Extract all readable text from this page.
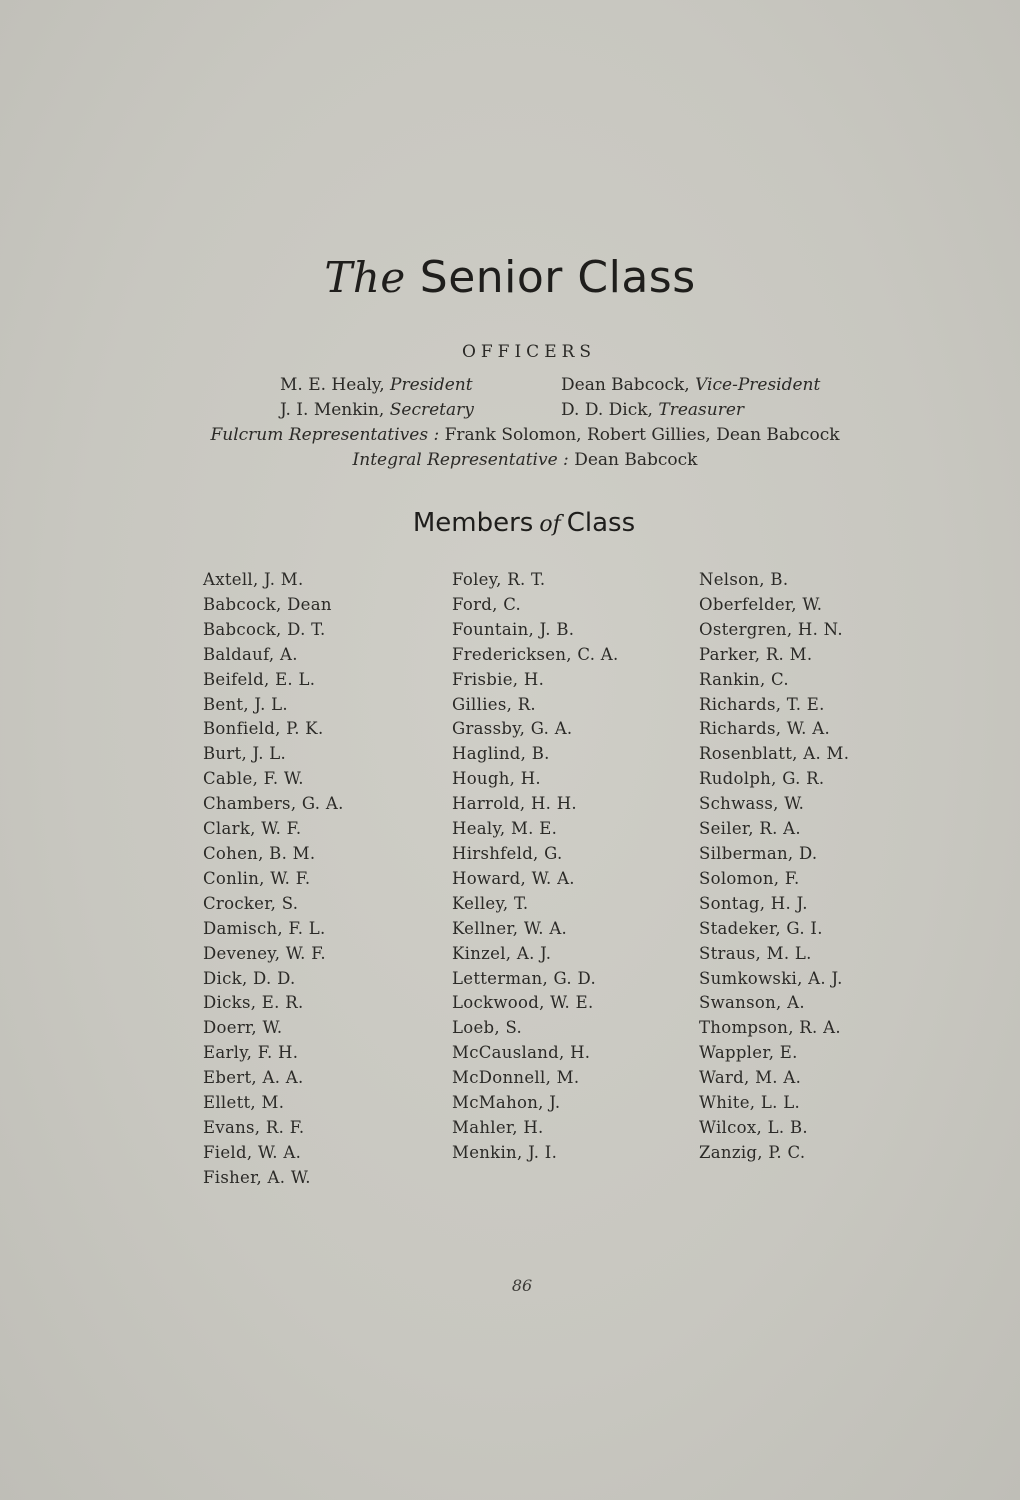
The Senior Class
OFFICERS
M. E. Healy, President	Dean Babcock, Vice-President
J. I. Menkin, Secretary	D. D. Dick, Treasurer
Fulcrum Representatives : Frank Solomon, Robert Gillies, Dean Babcock
Integral Representative : Dean Babcock
Members of Class
Axtell, J. M.
Babcock, Dean
Babcock, D. T.
Baldauf, A.
Beifeld, E. L.
Bent, J. L.
Bonfield, P. K.
Burt, J. L.
Cable, F. W.
Chambers, G. A.
Clark, W. F.
Cohen, B. M.
Conlin, W. F.
Crocker, S.
Damisch, F. L.
Deveney, W. F.
Dick, D. D.
Dicks, E. R.
Doerr, W.
Early, F. H.
Ebert, A. A.
Ellett, M.
Evans, R. F.
Field, W. A.
Fisher, A. W.
Foley, R. T.
Ford, C.
Fountain, J. B.
Fredericksen, C. A.
Frisbie, H.
Gillies, R.
Grassby, G. A.
Haglind, B.
Hough, H.
Harrold, H. H.
Healy, M. E.
Hirshfeld, G.
Howard, W. A.
Kelley, T.
Kellner, W. A.
Kinzel, A. J.
Letterman, G. D.
Lockwood, W. E.
Loeb, S.
McCausland, H.
McDonnell, M.
McMahon, J.
Mahler, H.
Menkin, J. I.
Nelson, B.
Oberfelder, W.
Ostergren, H. N.
Parker, R. M.
Rankin, C.
Richards, T. E.
Richards, W. A.
Rosenblatt, A. M.
Rudolph, G. R.
Schwass, W.
Seiler, R. A.
Silberman, D.
Solomon, F.
Sontag, H. J.
Stadeker, G. I.
Straus, M. L.
Sumkowski, A. J.
Swanson, A.
Thompson, R. A.
Wappler, E.
Ward, M. A.
White, L. L.
Wilcox, L. B.
Zanzig, P. C.
86
